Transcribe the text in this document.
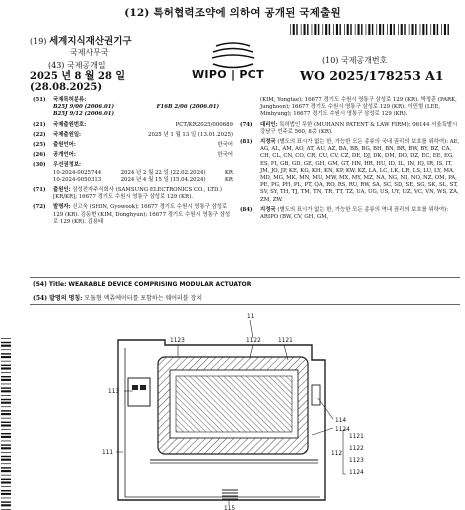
(12) 특허협력조약에 의하여 공개된 국제출원
(19) 세계지식재산권기구
국제사무국
(43) 국제공개일
2025 년 8 월 28 일 (28.08.2025)
WIPO | PCT
(10) 국제공개번호
WO 2025/178253 A1
(51) 국제특허분류:
B25J 9/00 (2006.01)	F16B 2/06 (2006.01)
B25J 9/12 (2006.01)
(21) 국제출원번호:	PCT/KR2025/000689
(22) 국제출원일:	2025 년 1 월 13 일 (13.01.2025)
(25) 출원언어:	한국어
(26) 공개언어:	한국어
(30) 우선권정보:
10-2024-0025744	2024 년 2 월 22 일 (22.02.2024)	KR
10-2024-0050313	2024 년 4 월 15 일 (15.04.2024)	KR
(71) 출원인: 삼성전자주식회사 (SAMSUNG ELECTRONICS CO., LTD.) [KR/KR]; 16677 경기도 수원시 영통구 삼성로 129 (KR).
(72) 발명자: 신고욱 (SHIN, Gyowook); 16677 경기도 수원시 영통구 삼성로 129 (KR). 김동현 (KIM, Donghyun); 16677 경기도 수원시 영통구 삼성로 129 (KR). 김용태
(KIM, Yongtae); 16677 경기도 수원시 영통구 삼성로 129 (KR). 박정훈 (PARK, Junghoon); 16677 경기도 수원시 영통구 삼성로 129 (KR). 이민형 (LEE, Minhyung); 16677 경기도 수원시 영통구 삼성로 129 (KR).
(74) 대리인: 특허법인 무한 (MUHANN PATENT & LAW FIRM); 06144 서울특별시 강남구 언주로 560, 8층 (KR).
(81) 지정국 (별도의 표시가 없는 한, 가능한 모든 종류의 국내 권리의 보호를 위하여): AE, AG, AL, AM, AO, AT, AU, AZ, BA, BB, BG, BH, BN, BR, BW, BY, BZ, CA, CH, CL, CN, CO, CR, CU, CV, CZ, DE, DJ, DK, DM, DO, DZ, EC, EE, EG, ES, FI, GB, GD, GE, GH, GM, GT, HN, HR, HU, ID, IL, IN, IQ, IR, IS, IT, JM, JO, JP, KE, KG, KH, KN, KP, KW, KZ, LA, LC, LK, LR, LS, LU, LY, MA, MD, MG, MK, MN, MU, MW, MX, MY, MZ, NA, NG, NI, NO, NZ, OM, PA, PE, PG, PH, PL, PT, QA, RO, RS, RU, RW, SA, SC, SD, SE, SG, SK, SL, ST, SV, SY, TH, TJ, TM, TN, TR, TT, TZ, UA, UG, US, UY, UZ, VC, VN, WS, ZA, ZM, ZW.
(84) 지정국 (별도의 표시가 없는 한, 가능한 모든 종류의 역내 권리의 보호를 위하여): ARIPO (BW, CV, GH, GM,
(54) Title: WEARABLE DEVICE COMPRISING MODULAR ACTUATOR
(54) 발명의 명칭: 모듈형 액츄에이터를 포함하는 웨어러블 장치
11
1123	1122	1121
113
114
1124
111	112
1121
1122
1123
1124
115
